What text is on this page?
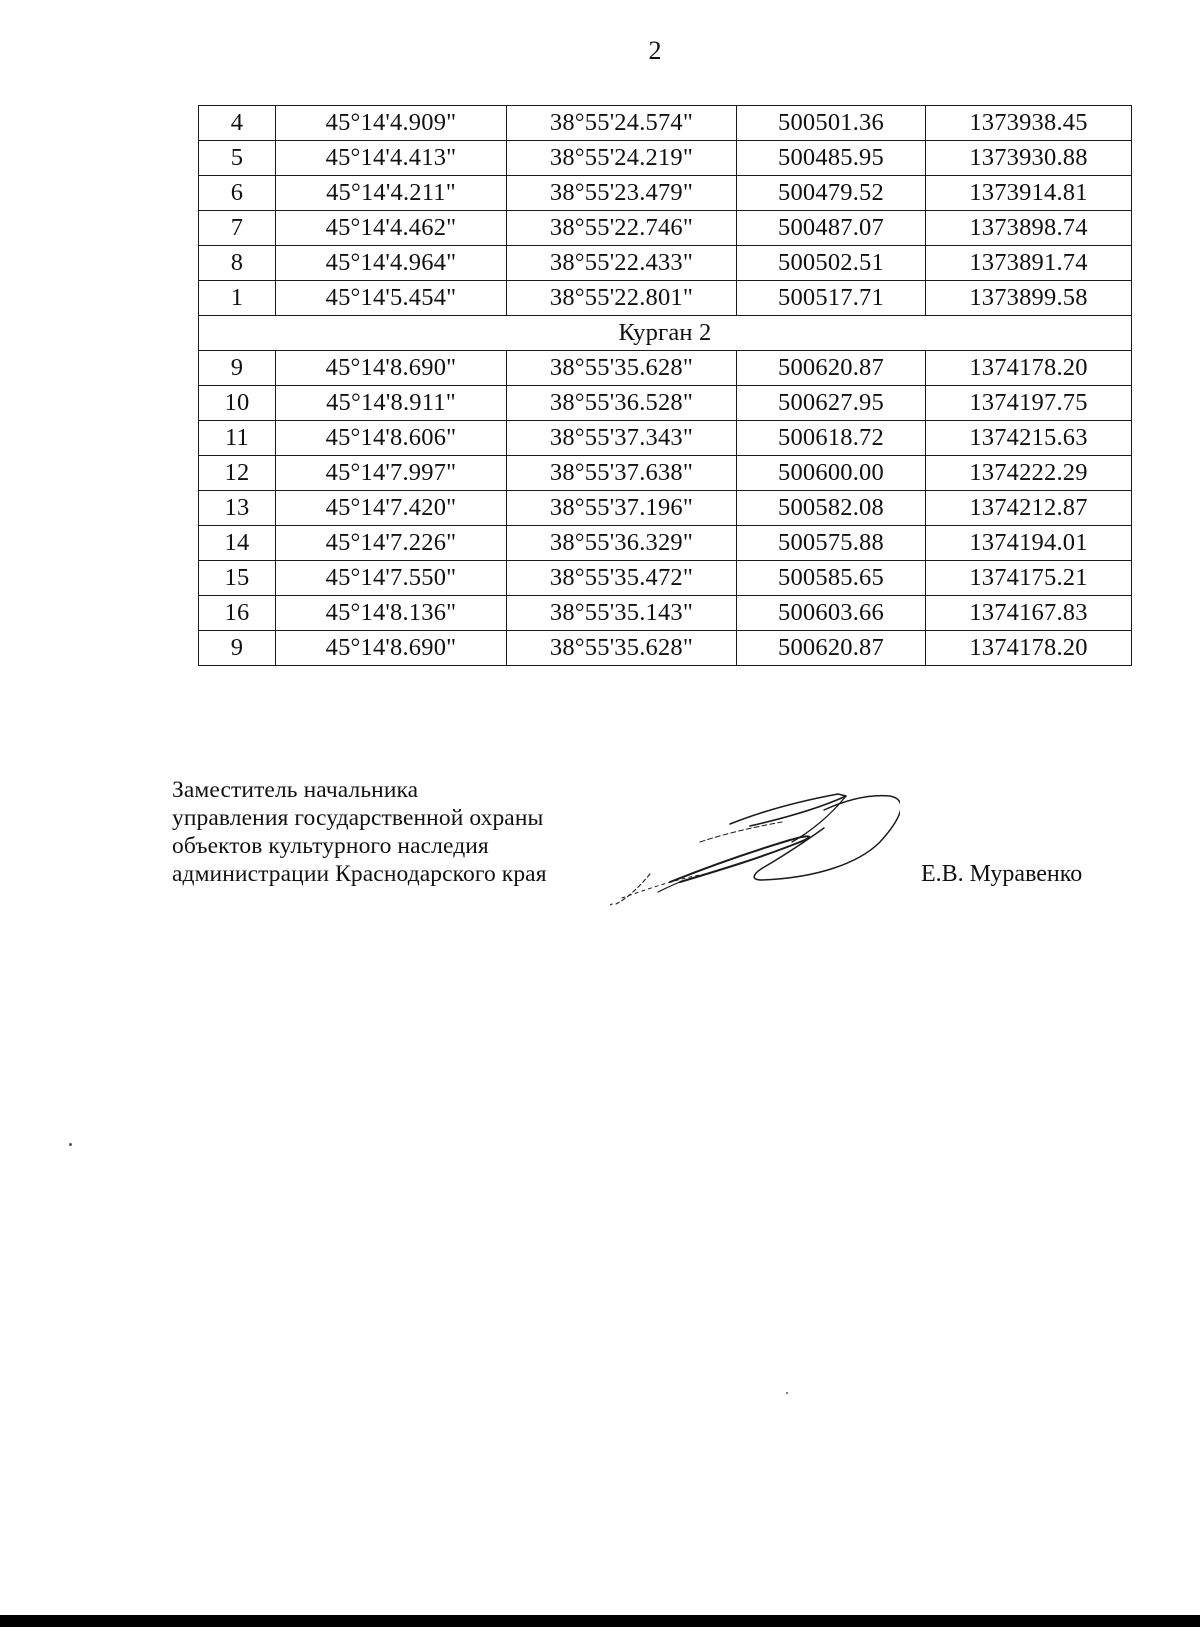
2
4	45°14'4.909"	38°55'24.574"	500501.36	1373938.45
5	45°14'4.413"	38°55'24.219"	500485.95	1373930.88
6	45°14'4.211"	38°55'23.479"	500479.52	1373914.81
7	45°14'4.462"	38°55'22.746"	500487.07	1373898.74
8	45°14'4.964"	38°55'22.433"	500502.51	1373891.74
1	45°14'5.454"	38°55'22.801"	500517.71	1373899.58
Курган 2				
9	45°14'8.690"	38°55'35.628"	500620.87	1374178.20
10	45°14'8.911"	38°55'36.528"	500627.95	1374197.75
11	45°14'8.606"	38°55'37.343"	500618.72	1374215.63
12	45°14'7.997"	38°55'37.638"	500600.00	1374222.29
13	45°14'7.420"	38°55'37.196"	500582.08	1374212.87
14	45°14'7.226"	38°55'36.329"	500575.88	1374194.01
15	45°14'7.550"	38°55'35.472"	500585.65	1374175.21
16	45°14'8.136"	38°55'35.143"	500603.66	1374167.83
9	45°14'8.690"	38°55'35.628"	500620.87	1374178.20
Заместитель начальника
управления государственной охраны
объектов культурного наследия
администрации Краснодарского края	Е.В. Муравенко
